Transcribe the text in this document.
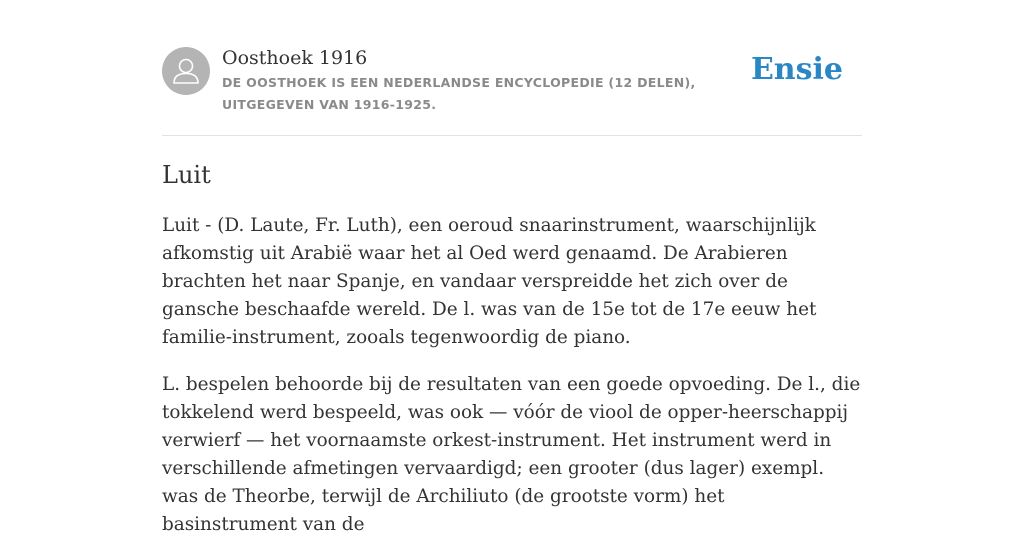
Oosthoek 1916
DE OOSTHOEK IS EEN NEDERLANDSE ENCYCLOPEDIE (12 DELEN), UITGEGEVEN VAN 1916-1925.
Ensie
Luit

Luit - (D. Laute, Fr. Luth), een oeroud snaarinstrument, waarschijnlijk afkomstig uit Arabië waar het al Oed werd genaamd. De Arabieren brachten het naar Spanje, en vandaar verspreidde het zich over de gansche beschaafde wereld. De l. was van de 15e tot de 17e eeuw het familie-instrument, zooals tegenwoordig de piano.

L. bespelen behoorde bij de resultaten van een goede opvoeding. De l., die tokkelend werd bespeeld, was ook — vóór de viool de opper-heerschappij verwierf — het voornaamste orkest-instrument. Het instrument werd in verschillende afmetingen vervaardigd; een grooter (dus lager) exempl. was de Theorbe, terwijl de Archiliuto (de grootste vorm) het basinstrument van de
